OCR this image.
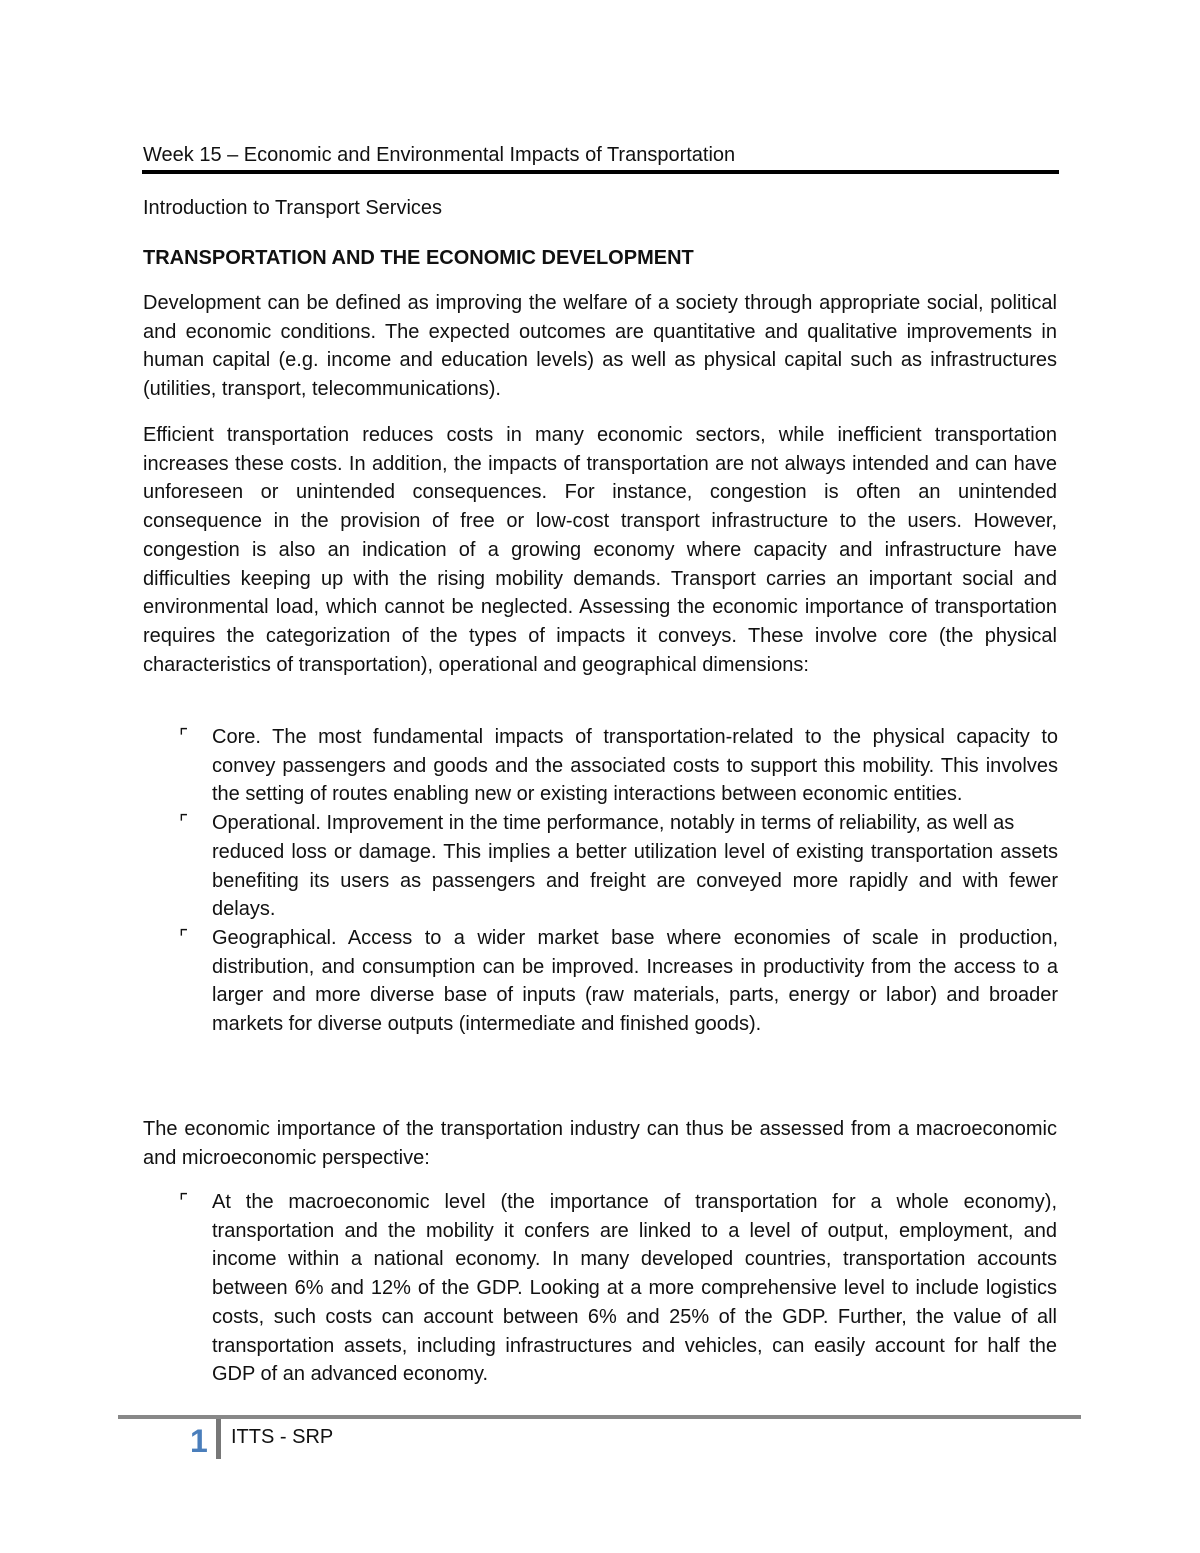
Week 15 – Economic and Environmental Impacts of Transportation
Introduction to Transport Services
TRANSPORTATION AND THE ECONOMIC DEVELOPMENT

Development can be defined as improving the welfare of a society through appropriate social, political and economic conditions. The expected outcomes are quantitative and qualitative improvements in human capital (e.g. income and education levels) as well as physical capital such as infrastructures (utilities, transport, telecommunications).

Efficient transportation reduces costs in many economic sectors, while inefficient transportation increases these costs. In addition, the impacts of transportation are not always intended and can have unforeseen or unintended consequences. For instance, congestion is often an unintended consequence in the provision of free or low-cost transport infrastructure to the users. However, congestion is also an indication of a growing economy where capacity and infrastructure have difficulties keeping up with the rising mobility demands. Transport carries an important social and environmental load, which cannot be neglected. Assessing the economic importance of transportation requires the categorization of the types of impacts it conveys. These involve core (the physical characteristics of transportation), operational and geographical dimensions:

⌜	Core. The most fundamental impacts of transportation-related to the physical capacity to convey passengers and goods and the associated costs to support this mobility. This involves the setting of routes enabling new or existing interactions between economic entities.
⌜	Operational. Improvement in the time performance, notably in terms of reliability, as well as
reduced loss or damage. This implies a better utilization level of existing transportation assets benefiting its users as passengers and freight are conveyed more rapidly and with fewer delays.
⌜	Geographical. Access to a wider market base where economies of scale in production, distribution, and consumption can be improved. Increases in productivity from the access to a larger and more diverse base of inputs (raw materials, parts, energy or labor) and broader markets for diverse outputs (intermediate and finished goods).

The economic importance of the transportation industry can thus be assessed from a macroeconomic and microeconomic perspective:

⌜	At the macroeconomic level (the importance of transportation for a whole economy), transportation and the mobility it confers are linked to a level of output, employment, and income within a national economy. In many developed countries, transportation accounts between 6% and 12% of the GDP. Looking at a more comprehensive level to include logistics costs, such costs can account between 6% and 25% of the GDP. Further, the value of all transportation assets, including infrastructures and vehicles, can easily account for half the GDP of an advanced economy.
1 ITTS - SRP
